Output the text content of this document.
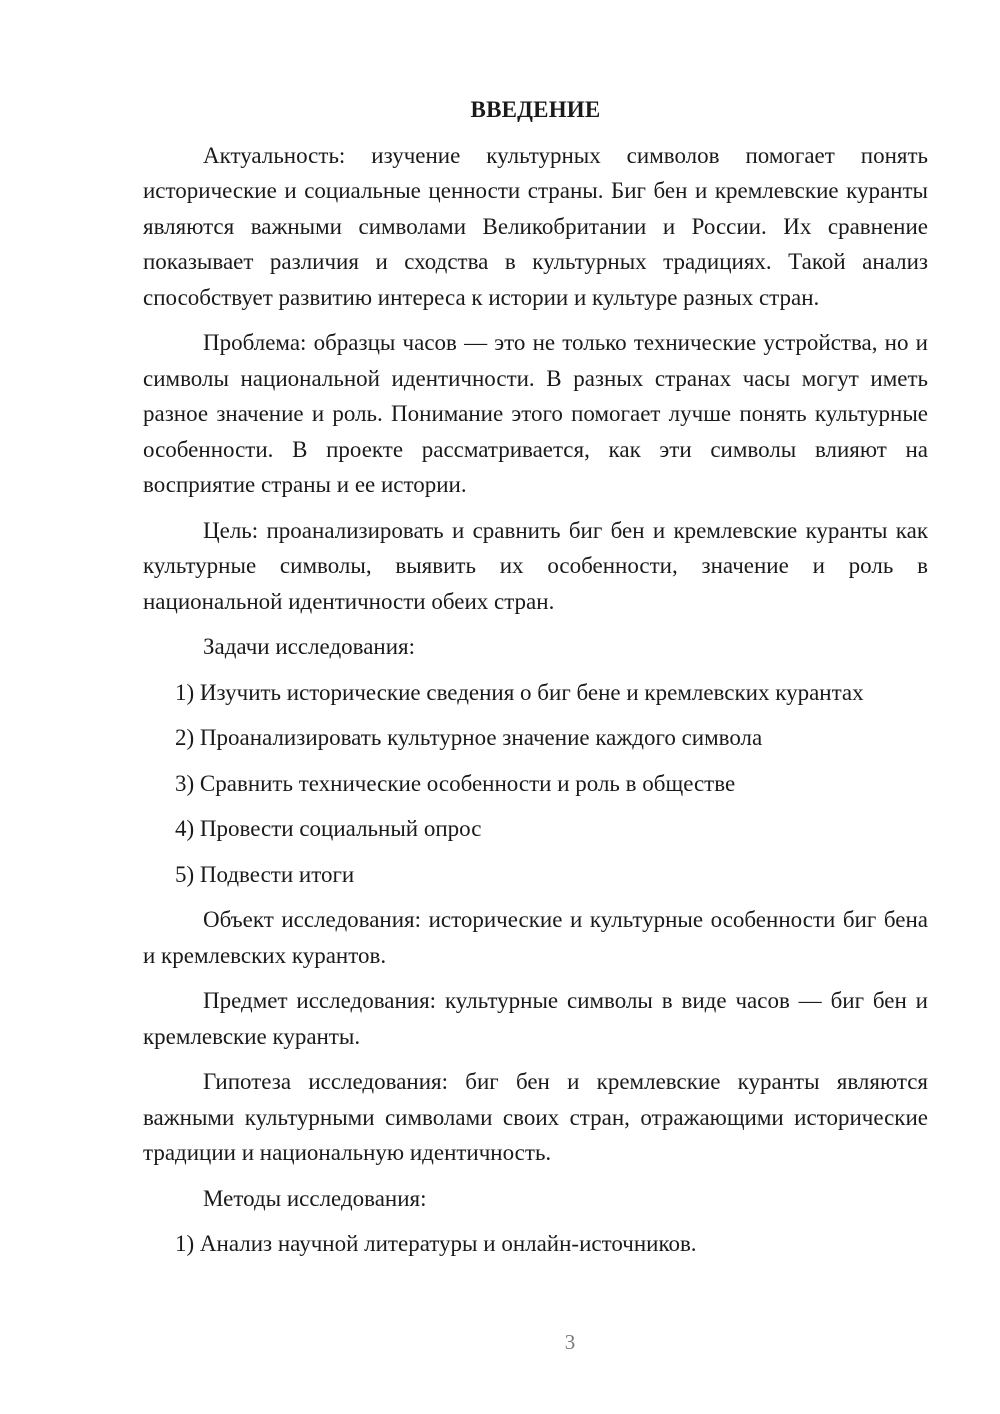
ВВЕДЕНИЕ

Актуальность: изучение культурных символов помогает понять исторические и социальные ценности страны. Биг бен и кремлевские куранты являются важными символами Великобритании и России. Их сравнение показывает различия и сходства в культурных традициях. Такой анализ способствует развитию интереса к истории и культуре разных стран.

Проблема: образцы часов — это не только технические устройства, но и символы национальной идентичности. В разных странах часы могут иметь разное значение и роль. Понимание этого помогает лучше понять культурные особенности. В проекте рассматривается, как эти символы влияют на восприятие страны и ее истории.

Цель: проанализировать и сравнить биг бен и кремлевские куранты как культурные символы, выявить их особенности, значение и роль в национальной идентичности обеих стран.

Задачи исследования:

1) Изучить исторические сведения о биг бене и кремлевских курантах
2) Проанализировать культурное значение каждого символа
3) Сравнить технические особенности и роль в обществе
4) Провести социальный опрос
5) Подвести итоги

Объект исследования: исторические и культурные особенности биг бена и кремлевских курантов.

Предмет исследования: культурные символы в виде часов — биг бен и кремлевские куранты.

Гипотеза исследования: биг бен и кремлевские куранты являются важными культурными символами своих стран, отражающими исторические традиции и национальную идентичность.

Методы исследования:

1) Анализ научной литературы и онлайн-источников.
3
